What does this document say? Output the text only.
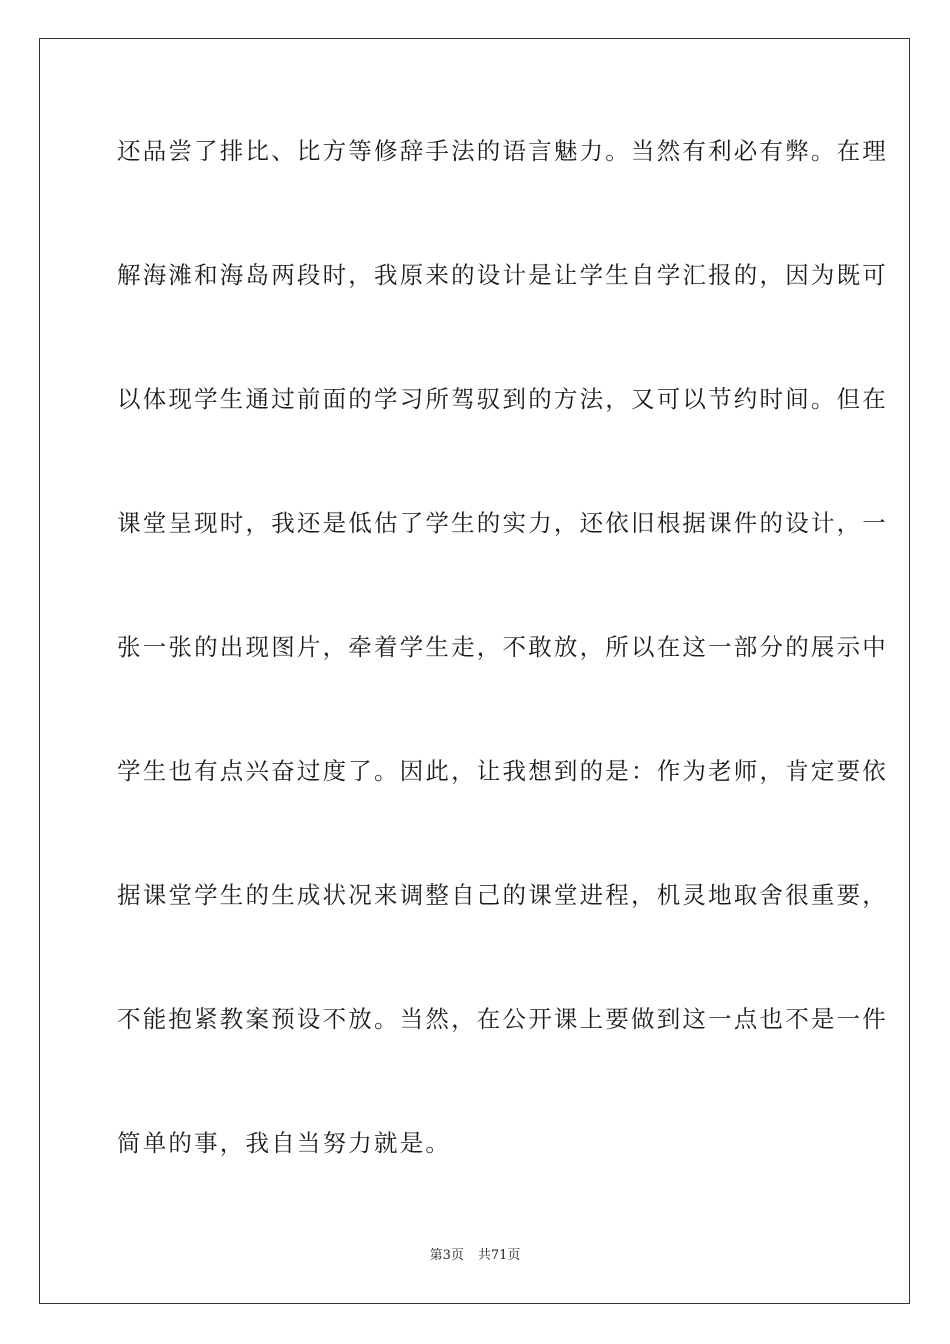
还品尝了排比、比方等修辞手法的语言魅力。当然有利必有弊。在理
解海滩和海岛两段时，我原来的设计是让学生自学汇报的，因为既可
以体现学生通过前面的学习所驾驭到的方法，又可以节约时间。但在
课堂呈现时，我还是低估了学生的实力，还依旧根据课件的设计，一
张一张的出现图片，牵着学生走，不敢放，所以在这一部分的展示中
学生也有点兴奋过度了。因此，让我想到的是：作为老师，肯定要依
据课堂学生的生成状况来调整自己的课堂进程，机灵地取舍很重要，
不能抱紧教案预设不放。当然，在公开课上要做到这一点也不是一件
简单的事，我自当努力就是。
第3页 共71页
